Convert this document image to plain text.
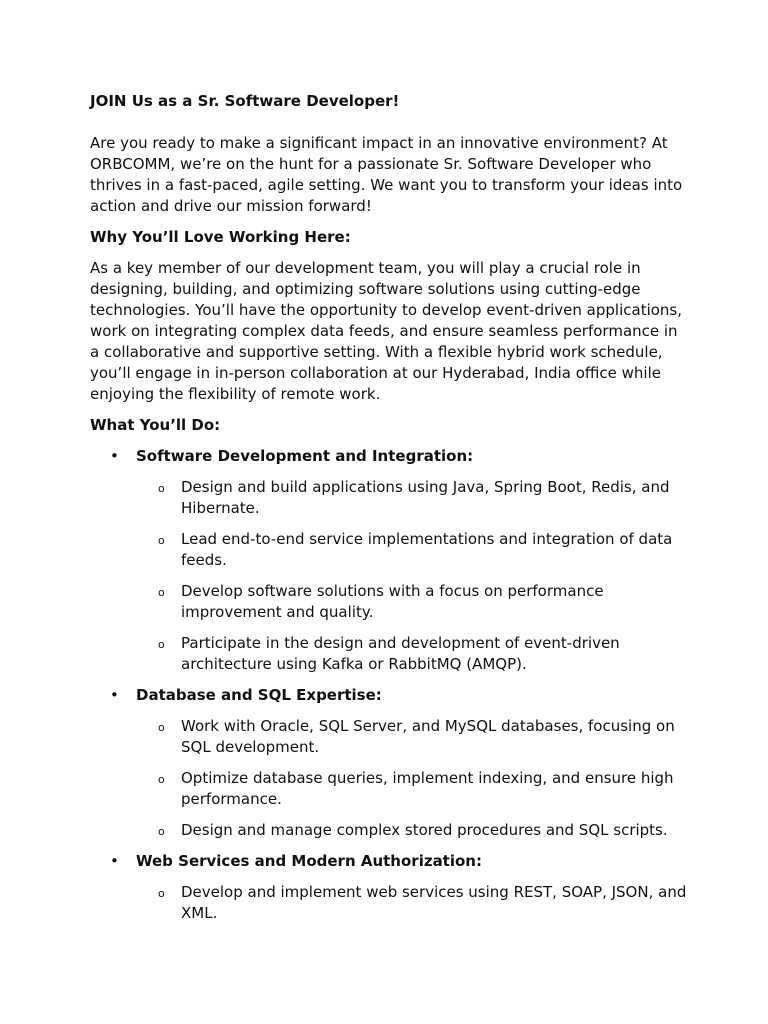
JOIN Us as a Sr. Software Developer!

Are you ready to make a significant impact in an innovative environment? At ORBCOMM, we’re on the hunt for a passionate Sr. Software Developer who thrives in a fast-paced, agile setting. We want you to transform your ideas into action and drive our mission forward!

Why You’ll Love Working Here:

As a key member of our development team, you will play a crucial role in designing, building, and optimizing software solutions using cutting-edge technologies. You’ll have the opportunity to develop event-driven applications, work on integrating complex data feeds, and ensure seamless performance in a collaborative and supportive setting. With a flexible hybrid work schedule, you’ll engage in in-person collaboration at our Hyderabad, India office while enjoying the flexibility of remote work.

What You’ll Do:
• Software Development and Integration:
o Design and build applications using Java, Spring Boot, Redis, and Hibernate.
o Lead end-to-end service implementations and integration of data feeds.
o Develop software solutions with a focus on performance improvement and quality.
o Participate in the design and development of event-driven architecture using Kafka or RabbitMQ (AMQP).
• Database and SQL Expertise:
o Work with Oracle, SQL Server, and MySQL databases, focusing on SQL development.
o Optimize database queries, implement indexing, and ensure high performance.
o Design and manage complex stored procedures and SQL scripts.
• Web Services and Modern Authorization:
o Develop and implement web services using REST, SOAP, JSON, and XML.
